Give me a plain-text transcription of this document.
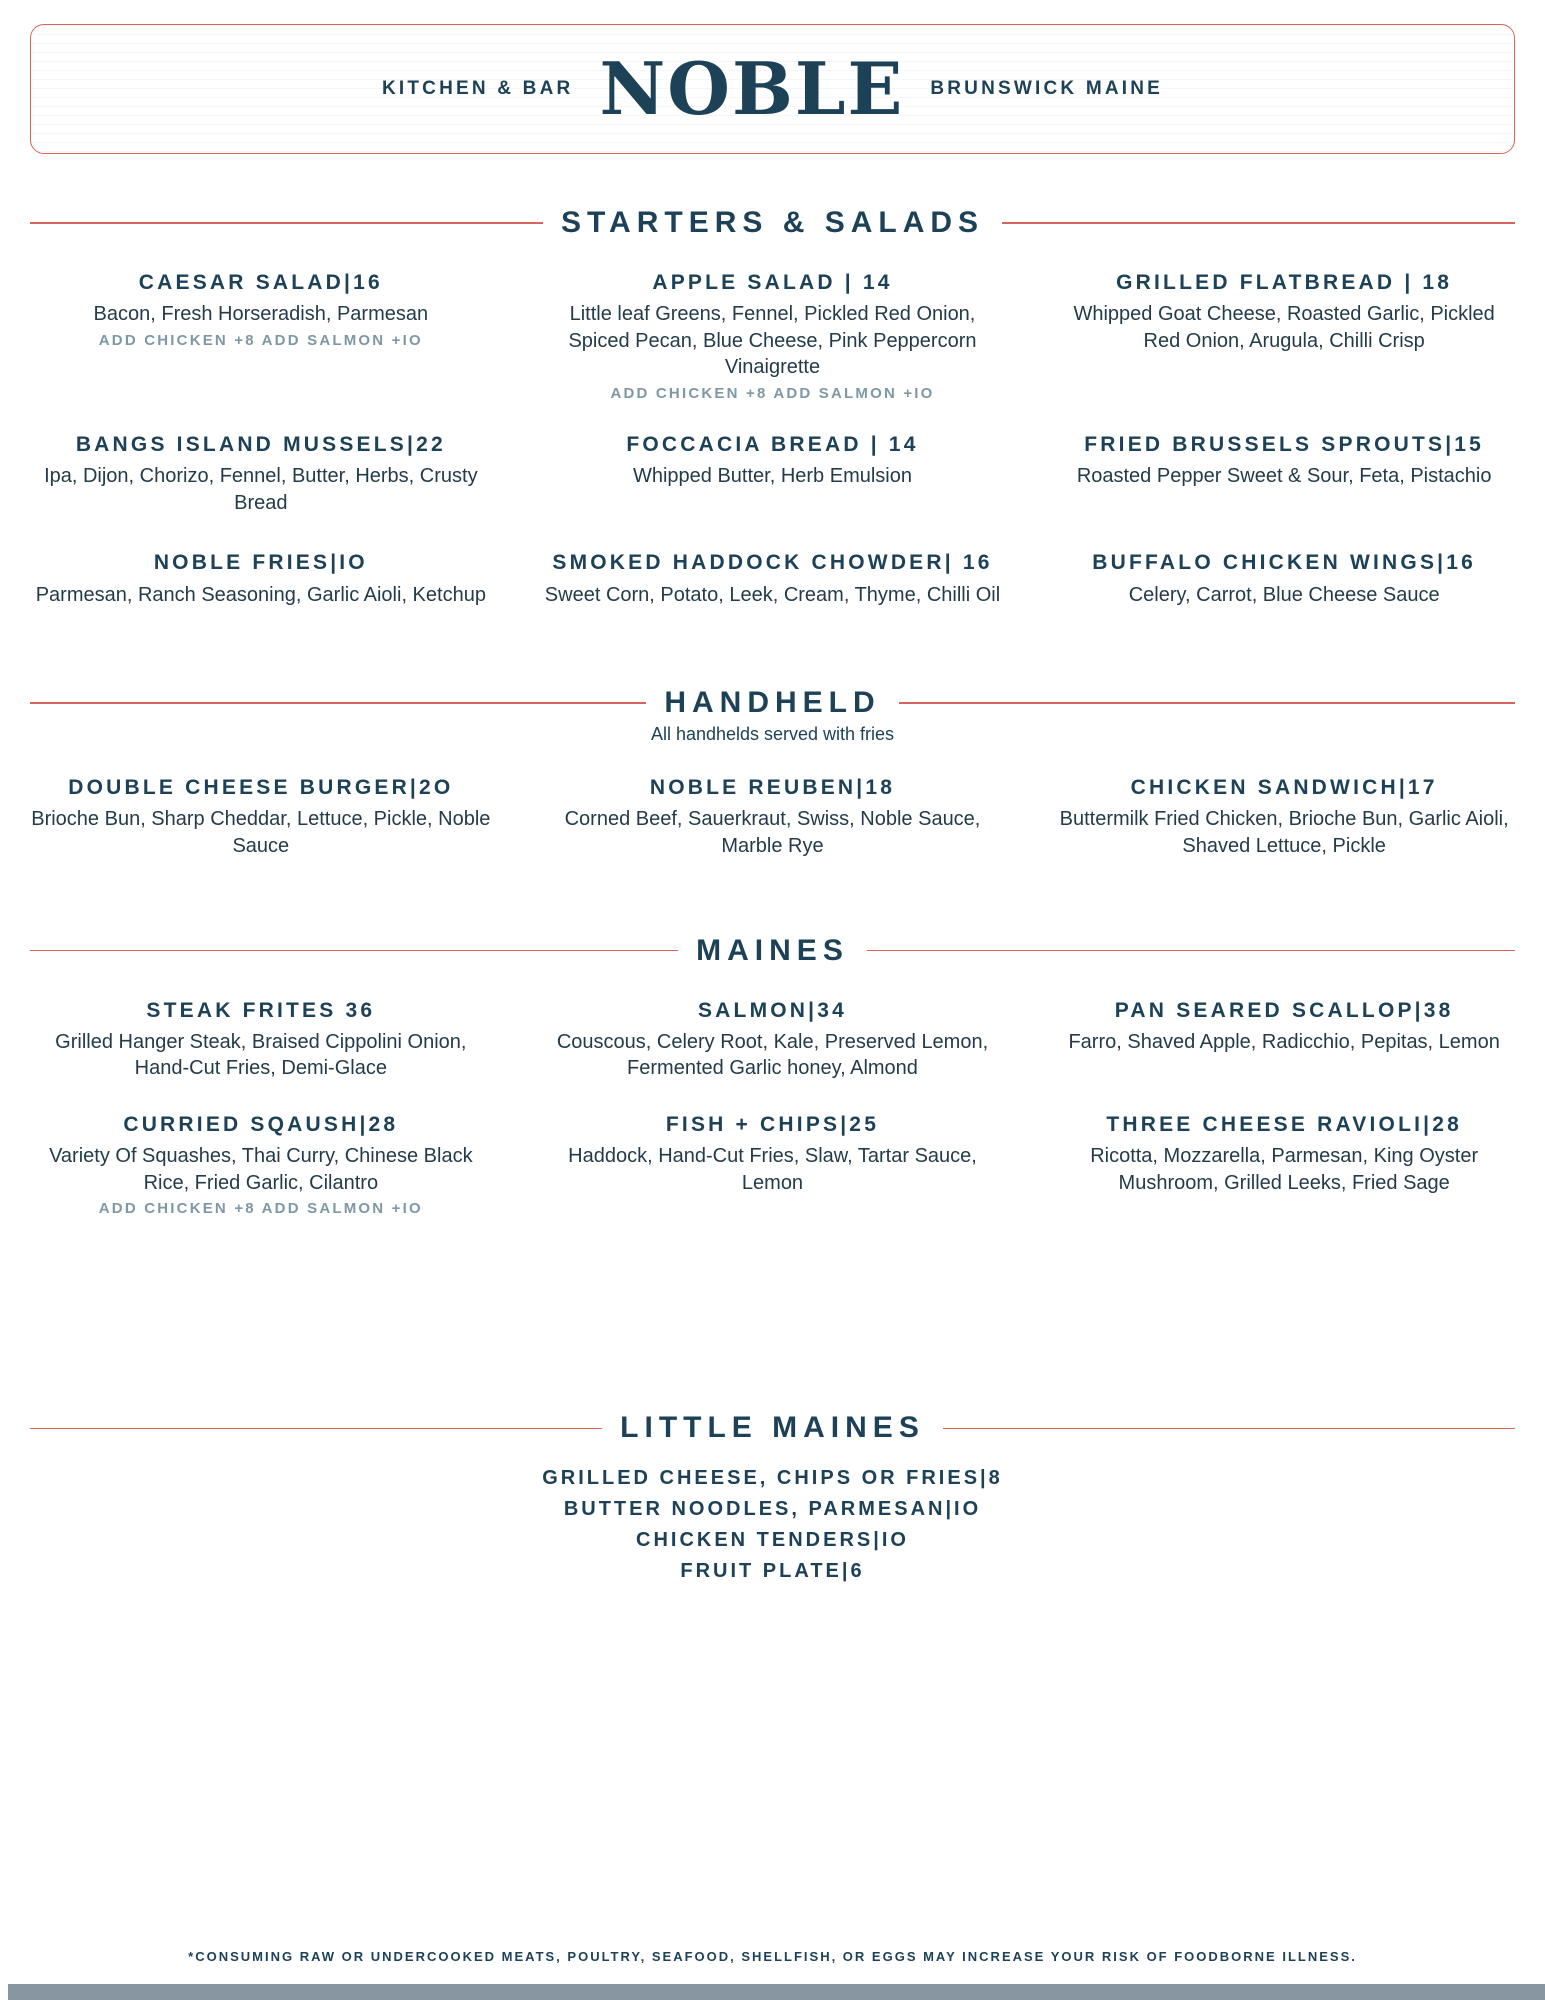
KITCHEN & BAR NOBLE BRUNSWICK MAINE
STARTERS & SALADS
CAESAR SALAD|16
Bacon, Fresh Horseradish, Parmesan
ADD CHICKEN +8 ADD SALMON +IO
APPLE SALAD | 14
Little leaf Greens, Fennel, Pickled Red Onion, Spiced Pecan, Blue Cheese, Pink Peppercorn Vinaigrette
ADD CHICKEN +8 ADD SALMON +IO
GRILLED FLATBREAD | 18
Whipped Goat Cheese, Roasted Garlic, Pickled Red Onion, Arugula, Chilli Crisp
BANGS ISLAND MUSSELS|22
Ipa, Dijon, Chorizo, Fennel, Butter, Herbs, Crusty Bread
FOCCACIA BREAD | 14
Whipped Butter, Herb Emulsion
FRIED BRUSSELS SPROUTS|15
Roasted Pepper Sweet & Sour, Feta, Pistachio
NOBLE FRIES|IO
Parmesan, Ranch Seasoning, Garlic Aioli, Ketchup
SMOKED HADDOCK CHOWDER| 16
Sweet Corn, Potato, Leek, Cream, Thyme, Chilli Oil
BUFFALO CHICKEN WINGS|16
Celery, Carrot, Blue Cheese Sauce
HANDHELD
All handhelds served with fries
DOUBLE CHEESE BURGER|2O
Brioche Bun, Sharp Cheddar, Lettuce, Pickle, Noble Sauce
NOBLE REUBEN|18
Corned Beef, Sauerkraut, Swiss, Noble Sauce, Marble Rye
CHICKEN SANDWICH|17
Buttermilk Fried Chicken, Brioche Bun, Garlic Aioli, Shaved Lettuce, Pickle
MAINES
STEAK FRITES 36
Grilled Hanger Steak, Braised Cippolini Onion, Hand-Cut Fries, Demi-Glace
SALMON|34
Couscous, Celery Root, Kale, Preserved Lemon, Fermented Garlic honey, Almond
PAN SEARED SCALLOP|38
Farro, Shaved Apple, Radicchio, Pepitas, Lemon
CURRIED SQAUSH|28
Variety Of Squashes, Thai Curry, Chinese Black Rice, Fried Garlic, Cilantro
ADD CHICKEN +8 ADD SALMON +IO
FISH + CHIPS|25
Haddock, Hand-Cut Fries, Slaw, Tartar Sauce, Lemon
THREE CHEESE RAVIOLI|28
Ricotta, Mozzarella, Parmesan, King Oyster Mushroom, Grilled Leeks, Fried Sage
LITTLE MAINES
GRILLED CHEESE, CHIPS OR FRIES|8
BUTTER NOODLES, PARMESAN|IO
CHICKEN TENDERS|IO
FRUIT PLATE|6
*CONSUMING RAW OR UNDERCOOKED MEATS, POULTRY, SEAFOOD, SHELLFISH, OR EGGS MAY INCREASE YOUR RISK OF FOODBORNE ILLNESS.
